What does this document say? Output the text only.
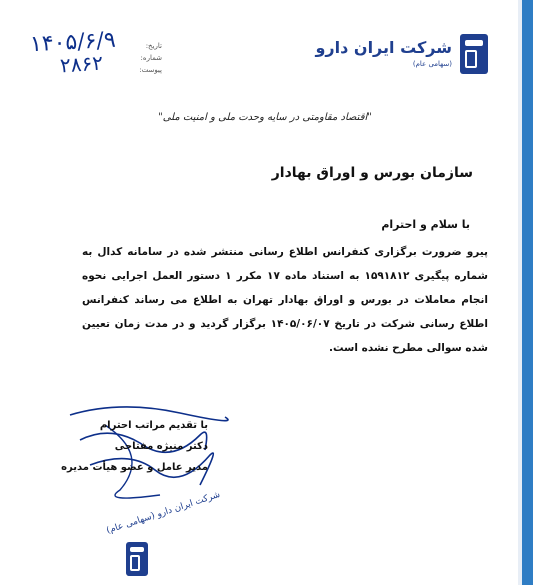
شرکت ایران دارو
(سهامی عام)
تاریخ:
شماره:
پیوست:
۱۴۰۵/۶/۹
۲۸۶۲
"اقتصاد مقاومتی در سایه وحدت ملی و امنیت ملی"
سازمان بورس و اوراق بهادار
با سلام و احترام
پیرو ضرورت برگزاری کنفرانس اطلاع رسانی منتشر شده در سامانه کدال به شماره پیگیری ۱۵۹۱۸۱۲ به استناد ماده ۱۷ مکرر ۱ دستور العمل اجرایی نحوه انجام معاملات در بورس و اوراق بهادار تهران به اطلاع می رساند کنفرانس اطلاع رسانی شرکت در تاریخ ۱۴۰۵/۰۶/۰۷ برگزار گردید و در مدت زمان تعیین شده سوالی مطرح نشده است.
با تقدیم مراتب احترام
دکتر منیژه مفتاحی
مدیر عامل و عضو هیأت مدیره
شرکت ایران دارو (سهامی عام)
